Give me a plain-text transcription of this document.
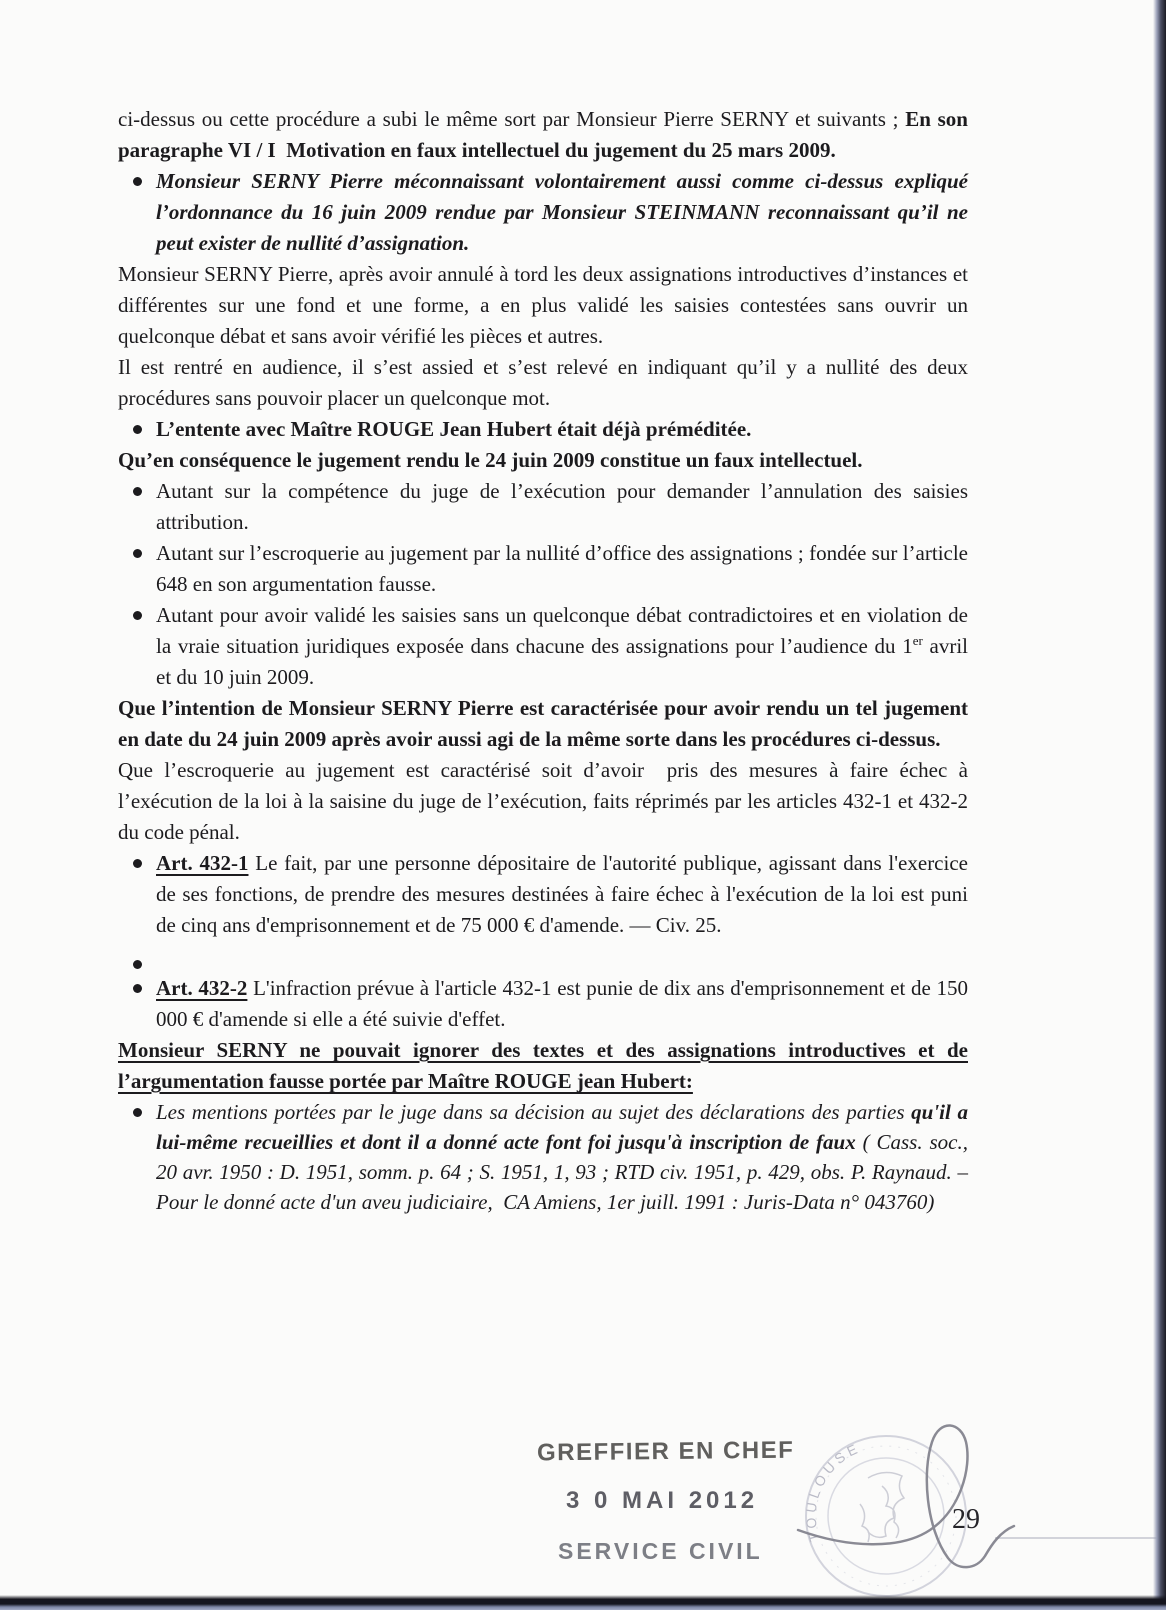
ci-dessus ou cette procédure a subi le même sort par Monsieur Pierre SERNY et suivants ; En son paragraphe VI / I  Motivation en faux intellectuel du jugement du 25 mars 2009.

Monsieur SERNY Pierre méconnaissant volontairement aussi comme ci-dessus expliqué l’ordonnance du 16 juin 2009 rendue par Monsieur STEINMANN reconnaissant qu’il ne peut exister de nullité d’assignation.

Monsieur SERNY Pierre, après avoir annulé à tord les deux assignations introductives d’instances et différentes sur une fond et une forme, a en plus validé les saisies contestées sans ouvrir un quelconque débat et sans avoir vérifié les pièces et autres.

Il est rentré en audience, il s’est assied et s’est relevé en indiquant qu’il y a nullité des deux procédures sans pouvoir placer un quelconque mot.

L’entente avec Maître ROUGE Jean Hubert était déjà préméditée.

Qu’en conséquence le jugement rendu le 24 juin 2009 constitue un faux intellectuel.

Autant sur la compétence du juge de l’exécution pour demander l’annulation des saisies attribution.
Autant sur l’escroquerie au jugement par la nullité d’office des assignations ; fondée sur l’article 648 en son argumentation fausse.
Autant pour avoir validé les saisies sans un quelconque débat contradictoires et en violation de la vraie situation juridiques exposée dans chacune des assignations pour l’audience du 1er avril et du 10 juin 2009.

Que l’intention de Monsieur SERNY Pierre est caractérisée pour avoir rendu un tel jugement en date du 24 juin 2009 après avoir aussi agi de la même sorte dans les procédures ci-dessus.

Que l’escroquerie au jugement est caractérisé soit d’avoir  pris des mesures à faire échec à l’exécution de la loi à la saisine du juge de l’exécution, faits réprimés par les articles 432-1 et 432-2 du code pénal.

Art. 432-1 Le fait, par une personne dépositaire de l'autorité publique, agissant dans l'exercice de ses fonctions, de prendre des mesures destinées à faire échec à l'exécution de la loi est puni de cinq ans d'emprisonnement et de 75 000 € d'amende. — Civ. 25.
Art. 432-2 L'infraction prévue à l'article 432-1 est punie de dix ans d'emprisonnement et de 150 000 € d'amende si elle a été suivie d'effet.

Monsieur SERNY ne pouvait ignorer des textes et des assignations introductives et de l’argumentation fausse portée par Maître ROUGE jean Hubert:

Les mentions portées par le juge dans sa décision au sujet des déclarations des parties qu'il a lui-même recueillies et dont il a donné acte font foi jusqu'à inscription de faux ( Cass. soc., 20 avr. 1950 : D. 1951, somm. p. 64 ; S. 1951, 1, 93 ; RTD civ. 1951, p. 429, obs. P. Raynaud. – Pour le donné acte d'un aveu judiciaire,  CA Amiens, 1er juill. 1991 : Juris-Data n° 043760)
TOULOUSE
GREFFIER EN CHEF
3 0 MAI 2012
SERVICE CIVIL
29
